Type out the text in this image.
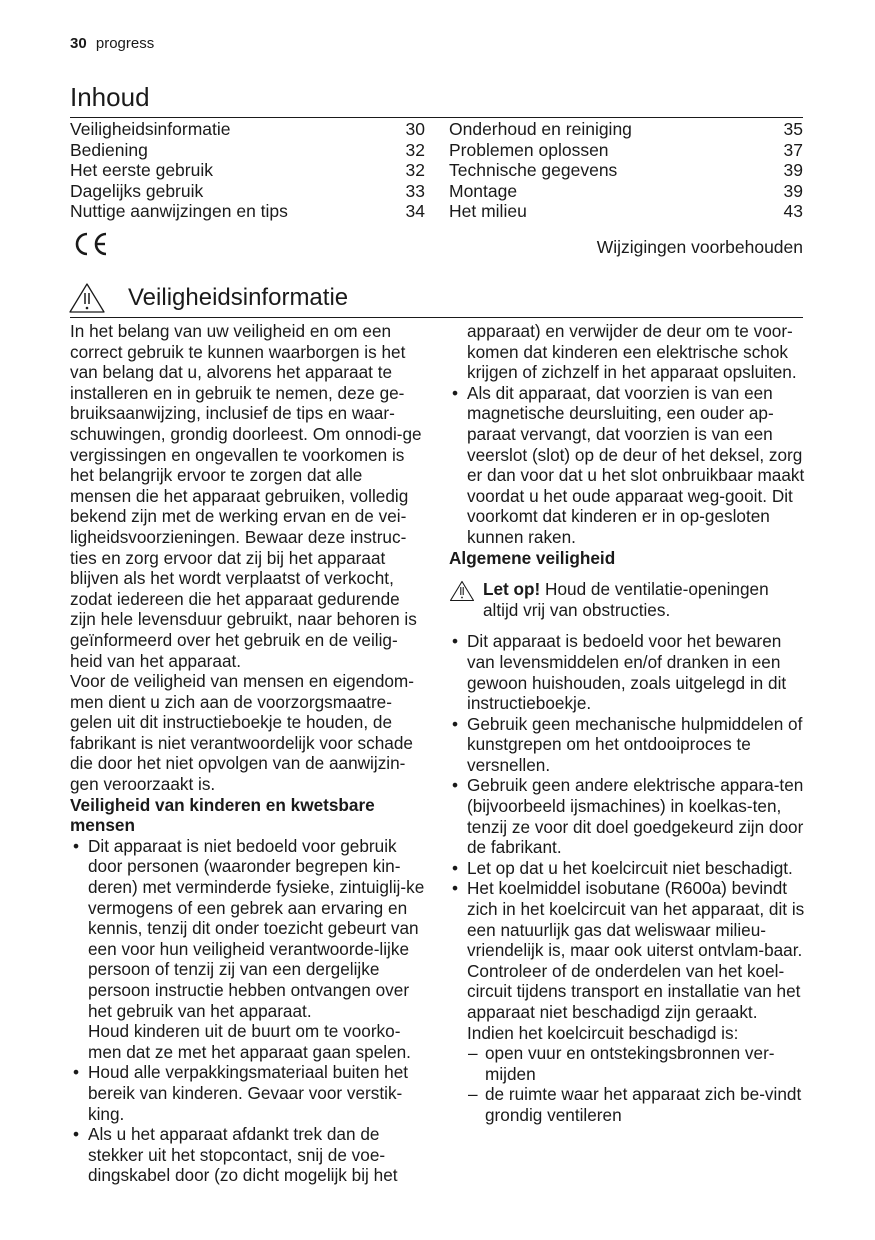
30 progress
Inhoud
Veiligheidsinformatie	30
Bediening	32
Het eerste gebruik	32
Dagelijks gebruik	33
Nuttige aanwijzingen en tips	34
Onderhoud en reiniging	35
Problemen oplossen	37
Technische gegevens	39
Montage	39
Het milieu	43
Wijzigingen voorbehouden
Veiligheidsinformatie

In het belang van uw veiligheid en om een correct gebruik te kunnen waarborgen is het van belang dat u, alvorens het apparaat te installeren en in gebruik te nemen, deze ge-bruiksaanwijzing, inclusief de tips en waar-schuwingen, grondig doorleest. Om onnodi-ge vergissingen en ongevallen te voorkomen is het belangrijk ervoor te zorgen dat alle mensen die het apparaat gebruiken, volledig bekend zijn met de werking ervan en de vei-ligheidsvoorzieningen. Bewaar deze instruc-ties en zorg ervoor dat zij bij het apparaat blijven als het wordt verplaatst of verkocht, zodat iedereen die het apparaat gedurende zijn hele levensduur gebruikt, naar behoren is geïnformeerd over het gebruik en de veilig-heid van het apparaat.

Voor de veiligheid van mensen en eigendom-men dient u zich aan de voorzorgsmaatre-gelen uit dit instructieboekje te houden, de fabrikant is niet verantwoordelijk voor schade die door het niet opvolgen van de aanwijzin-gen veroorzaakt is.

Veiligheid van kinderen en kwetsbare mensen

• Dit apparaat is niet bedoeld voor gebruik door personen (waaronder begrepen kin-deren) met verminderde fysieke, zintuiglij-ke vermogens of een gebrek aan ervaring en kennis, tenzij dit onder toezicht gebeurt van een voor hun veiligheid verantwoorde-lijke persoon of tenzij zij van een dergelijke persoon instructie hebben ontvangen over het gebruik van het apparaat.
Houd kinderen uit de buurt om te voorko-men dat ze met het apparaat gaan spelen.
• Houd alle verpakkingsmateriaal buiten het bereik van kinderen. Gevaar voor verstik-king.
• Als u het apparaat afdankt trek dan de stekker uit het stopcontact, snij de voe-dingskabel door (zo dicht mogelijk bij het

apparaat) en verwijder de deur om te voor-komen dat kinderen een elektrische schok krijgen of zichzelf in het apparaat opsluiten.

• Als dit apparaat, dat voorzien is van een magnetische deursluiting, een ouder ap-paraat vervangt, dat voorzien is van een veerslot (slot) op de deur of het deksel, zorg er dan voor dat u het slot onbruikbaar maakt voordat u het oude apparaat weg-gooit. Dit voorkomt dat kinderen er in op-gesloten kunnen raken.

Algemene veiligheid

Let op! Houd de ventilatie-openingen altijd vrij van obstructies.
• Dit apparaat is bedoeld voor het bewaren van levensmiddelen en/of dranken in een gewoon huishouden, zoals uitgelegd in dit instructieboekje.
• Gebruik geen mechanische hulpmiddelen of kunstgrepen om het ontdooiproces te versnellen.
• Gebruik geen andere elektrische appara-ten (bijvoorbeeld ijsmachines) in koelkas-ten, tenzij ze voor dit doel goedgekeurd zijn door de fabrikant.
• Let op dat u het koelcircuit niet beschadigt.
• Het koelmiddel isobutane (R600a) bevindt zich in het koelcircuit van het apparaat, dit is een natuurlijk gas dat weliswaar milieu-vriendelijk is, maar ook uiterst ontvlam-baar.
Controleer of de onderdelen van het koel-circuit tijdens transport en installatie van het apparaat niet beschadigd zijn geraakt. Indien het koelcircuit beschadigd is:
– open vuur en ontstekingsbronnen ver-mijden
– de ruimte waar het apparaat zich be-vindt grondig ventileren
